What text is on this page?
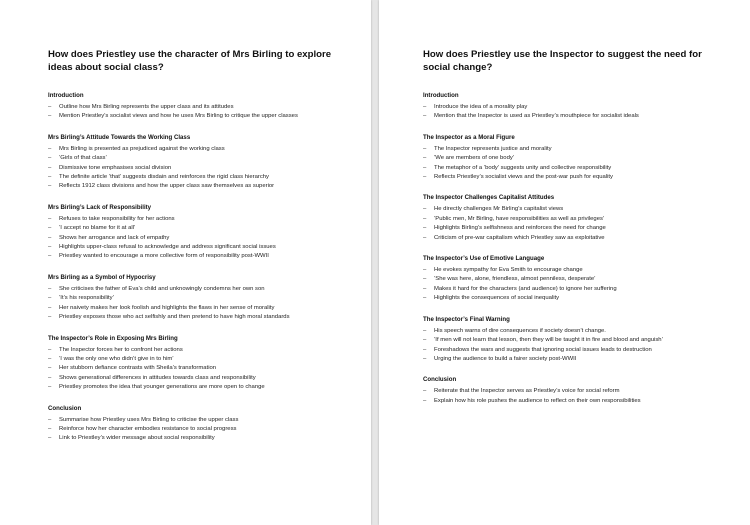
How does Priestley use the character of Mrs Birling to explore ideas about social class?
Introduction
– Outline how Mrs Birling represents the upper class and its attitudes
– Mention Priestley’s socialist views and how he uses Mrs Birling to critique the upper classes
Mrs Birling’s Attitude Towards the Working Class
– Mrs Birling is presented as prejudiced against the working class
– ‘Girls of that class’
– Dismissive tone emphasises social division
– The definite article ‘that’ suggests disdain and reinforces the rigid class hierarchy
– Reflects 1912 class divisions and how the upper class saw themselves as superior
Mrs Birling’s Lack of Responsibility
– Refuses to take responsibility for her actions
– ‘I accept no blame for it at all’
– Shows her arrogance and lack of empathy
– Highlights upper-class refusal to acknowledge and address significant social issues
– Priestley wanted to encourage a more collective form of responsibility post-WWII
Mrs Birling as a Symbol of Hypocrisy
– She criticises the father of Eva’s child and unknowingly condemns her own son
– ‘It’s his responsibility’
– Her naivety makes her look foolish and highlights the flaws in her sense of morality
– Priestley exposes those who act selfishly and then pretend to have high moral standards
The Inspector’s Role in Exposing Mrs Birling
– The Inspector forces her to confront her actions
– ‘I was the only one who didn’t give in to him’
– Her stubborn defiance contrasts with Sheila’s transformation
– Shows generational differences in attitudes towards class and responsibility
– Priestley promotes the idea that younger generations are more open to change
Conclusion
– Summarise how Priestley uses Mrs Birling to criticise the upper class
– Reinforce how her character embodies resistance to social progress
– Link to Priestley’s wider message about social responsibility
How does Priestley use the Inspector to suggest the need for social change?
Introduction
– Introduce the idea of a morality play
– Mention that the Inspector is used as Priestley’s mouthpiece for socialist ideals
The Inspector as a Moral Figure
– The Inspector represents justice and morality
– ‘We are members of one body’
– The metaphor of a ‘body’ suggests unity and collective responsibility
– Reflects Priestley’s socialist views and the post-war push for equality
The Inspector Challenges Capitalist Attitudes
– He directly challenges Mr Birling’s capitalist views
– ‘Public men, Mr Birling, have responsibilities as well as privileges’
– Highlights Birling’s selfishness and reinforces the need for change
– Criticism of pre-war capitalism which Priestley saw as exploitative
The Inspector’s Use of Emotive Language
– He evokes sympathy for Eva Smith to encourage change
– ‘She was here, alone, friendless, almost penniless, desperate’
– Makes it hard for the characters (and audience) to ignore her suffering
– Highlights the consequences of social inequality
The Inspector’s Final Warning
– His speech warns of dire consequences if society doesn’t change.
– ‘If men will not learn that lesson, then they will be taught it in fire and blood and anguish’
– Foreshadows the wars and suggests that ignoring social issues leads to destruction
– Urging the audience to build a fairer society post-WWII
Conclusion
– Reiterate that the Inspector serves as Priestley’s voice for social reform
– Explain how his role pushes the audience to reflect on their own responsibilities
